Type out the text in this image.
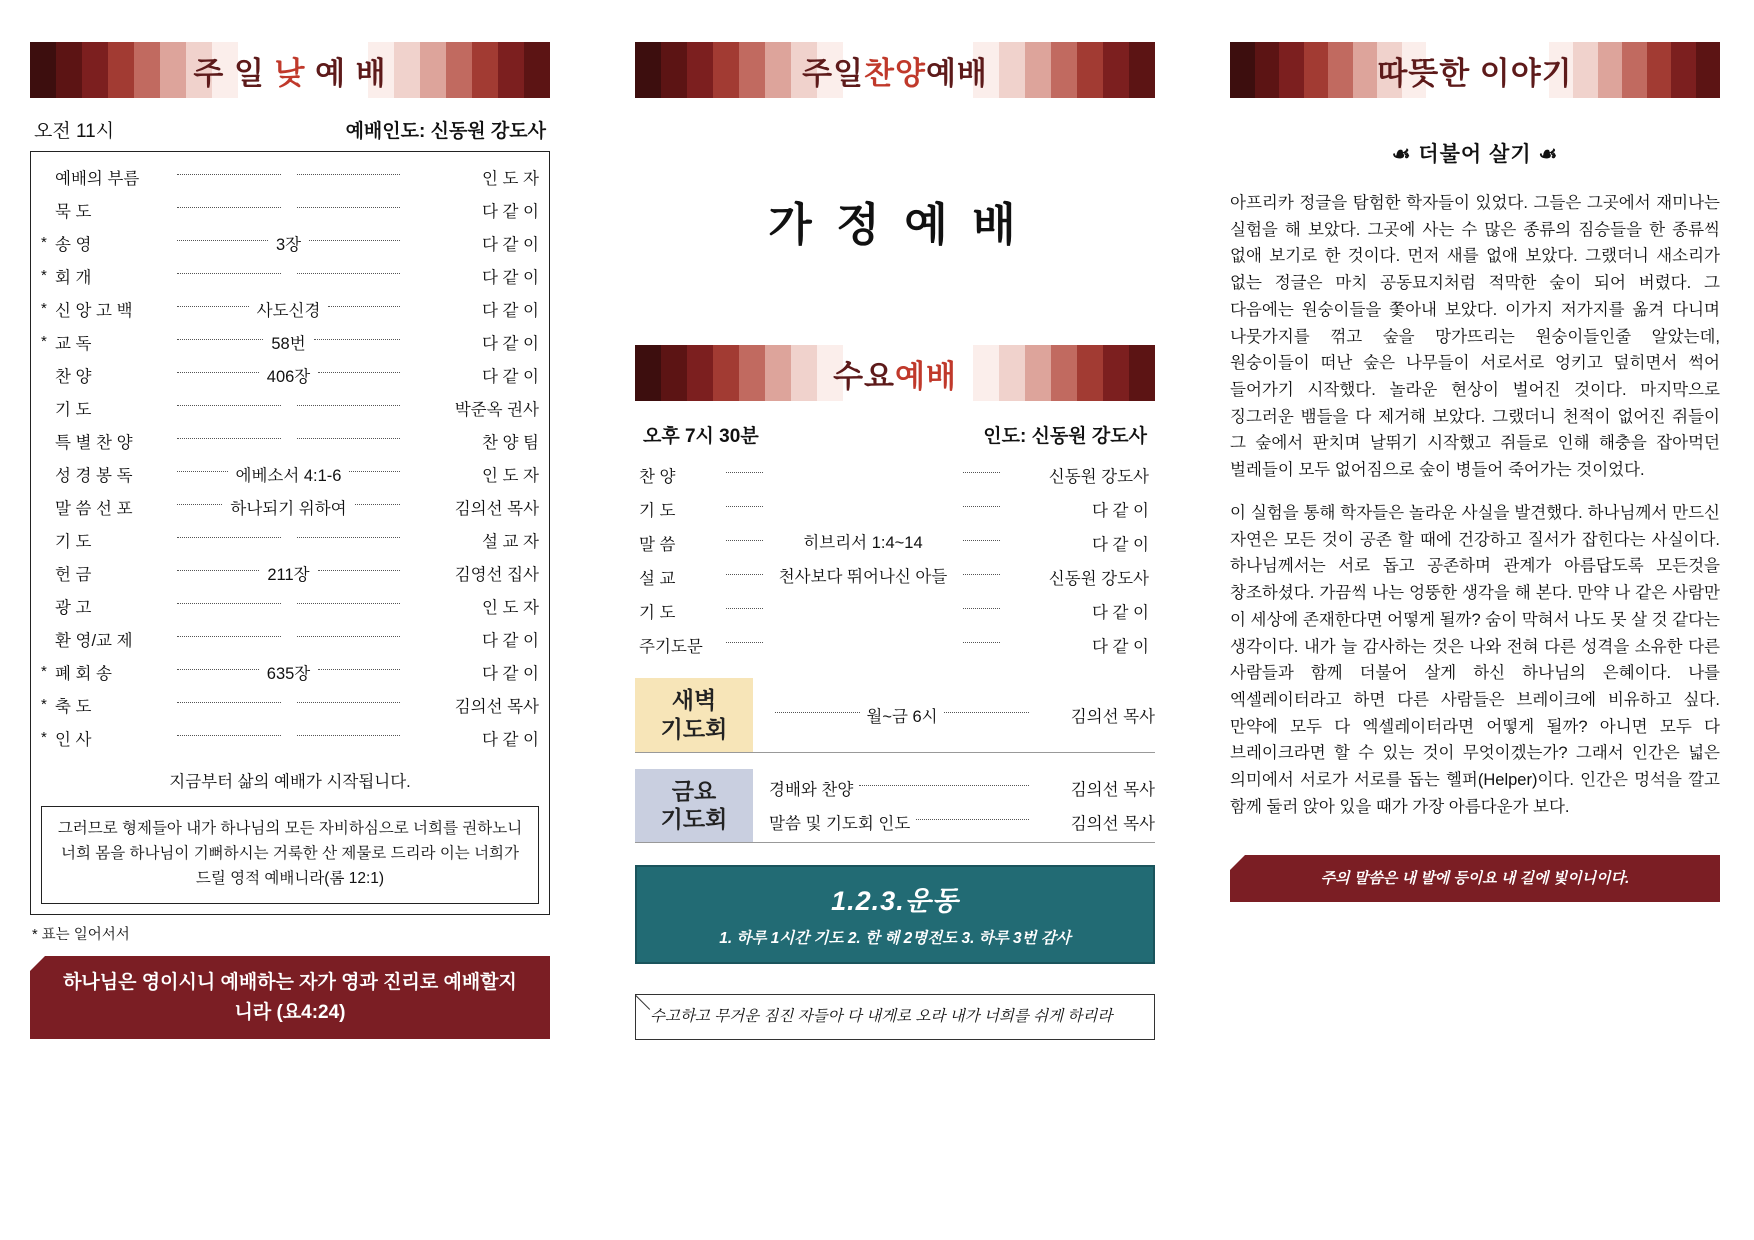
주 일 낮 예 배
오전 11시	예배인도: 신동원 강도사
예배의 부름	인 도 자
묵 도	다 같 이
* 송 영	3장	다 같 이
* 회 개	다 같 이
* 신 앙 고 백	사도신경	다 같 이
* 교 독	58번	다 같 이
찬 양	406장	다 같 이
기 도	박준옥 권사
특 별 찬 양	찬 양 팀
성 경 봉 독	에베소서 4:1-6	인 도 자
말 씀 선 포	하나되기 위하여	김의선 목사
기 도	설 교 자
헌 금	211장	김영선 집사
광 고	인 도 자
환 영/교 제	다 같 이
* 폐 회 송	635장	다 같 이
* 축 도	김의선 목사
* 인 사	다 같 이
지금부터 삶의 예배가 시작됩니다.
그러므로 형제들아 내가 하나님의 모든 자비하심으로 너희를 권하노니 너희 몸을 하나님이 기뻐하시는 거룩한 산 제물로 드리라 이는 너희가 드릴 영적 예배니라(롬 12:1)
* 표는 일어서서
하나님은 영이시니 예배하는 자가 영과 진리로 예배할지니라 (요4:24)
주일찬양예배
가 정 예 배
수요예배
오후 7시 30분	인도: 신동원 강도사
찬 양	신동원 강도사
기 도	다 같 이
말 씀	히브리서 1:4~14	다 같 이
설 교	천사보다 뛰어나신 아들	신동원 강도사
기 도	다 같 이
주기도문	다 같 이
새벽
기도회	월~금 6시	김의선 목사
금요
기도회
경배와 찬양	김의선 목사
말씀 및 기도회 인도	김의선 목사
1.2.3.운동
1. 하루 1시간 기도 2. 한 해 2명전도 3. 하루 3번 감사
수고하고 무거운 짐진 자들아 다 내게로 오라 내가 너희를 쉬게 하리라
따뜻한 이야기
☙ 더불어 살기 ☙

아프리카 정글을 탐험한 학자들이 있었다. 그들은 그곳에서 재미나는 실험을 해 보았다. 그곳에 사는 수 많은 종류의 짐승들을 한 종류씩 없애 보기로 한 것이다. 먼저 새를 없애 보았다. 그랬더니 새소리가 없는 정글은 마치 공동묘지처럼 적막한 숲이 되어 버렸다. 그 다음에는 원숭이들을 쫓아내 보았다. 이가지 저가지를 옮겨 다니며 나뭇가지를 꺾고 숲을 망가뜨리는 원숭이들인줄 알았는데, 원숭이들이 떠난 숲은 나무들이 서로서로 엉키고 덮히면서 썩어 들어가기 시작했다. 놀라운 현상이 벌어진 것이다. 마지막으로 징그러운 뱀들을 다 제거해 보았다. 그랬더니 천적이 없어진 쥐들이 그 숲에서 판치며 날뛰기 시작했고 쥐들로 인해 해충을 잡아먹던 벌레들이 모두 없어짐으로 숲이 병들어 죽어가는 것이었다.

이 실험을 통해 학자들은 놀라운 사실을 발견했다. 하나님께서 만드신 자연은 모든 것이 공존 할 때에 건강하고 질서가 잡힌다는 사실이다. 하나님께서는 서로 돕고 공존하며 관계가 아름답도록 모든것을 창조하셨다. 가끔씩 나는 엉뚱한 생각을 해 본다. 만약 나 같은 사람만 이 세상에 존재한다면 어떻게 될까? 숨이 막혀서 나도 못 살 것 같다는 생각이다. 내가 늘 감사하는 것은 나와 전혀 다른 성격을 소유한 다른 사람들과 함께 더불어 살게 하신 하나님의 은혜이다. 나를 엑셀레이터라고 하면 다른 사람들은 브레이크에 비유하고 싶다. 만약에 모두 다 엑셀레이터라면 어떻게 될까? 아니면 모두 다 브레이크라면 할 수 있는 것이 무엇이겠는가? 그래서 인간은 넓은 의미에서 서로가 서로를 돕는 헬퍼(Helper)이다. 인간은 멍석을 깔고 함께 둘러 앉아 있을 때가 가장 아름다운가 보다.

주의 말씀은 내 발에 등이요 내 길에 빛이니이다.
